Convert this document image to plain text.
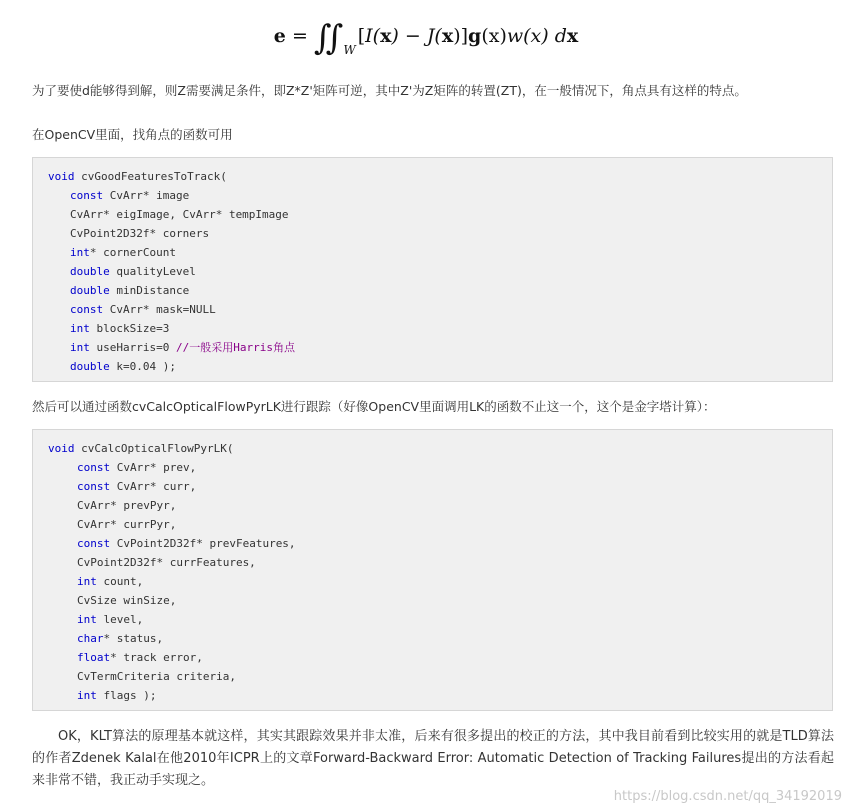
e = ∫∫ $_W$[I(x) − J(x)]g(x)w(x) dx
为了要使d能够得到解，则Z需要满足条件，即Z*Z'矩阵可逆，其中Z'为Z矩阵的转置(ZT)，在一般情况下，角点具有这样的特点。
在OpenCV里面，找角点的函数可用
void cvGoodFeaturesToTrack(
const CvArr* image
CvArr* eigImage, CvArr* tempImage
CvPoint2D32f* corners
int* cornerCount
double qualityLevel
double minDistance
const CvArr* mask=NULL
int blockSize=3
int useHarris=0 //一般采用Harris角点
double k=0.04 );
然后可以通过函数cvCalcOpticalFlowPyrLK进行跟踪（好像OpenCV里面调用LK的函数不止这一个，这个是金字塔计算）：
void cvCalcOpticalFlowPyrLK(
const CvArr* prev,
const CvArr* curr,
CvArr* prevPyr,
CvArr* currPyr,
const CvPoint2D32f* prevFeatures,
CvPoint2D32f* currFeatures,
int count,
CvSize winSize,
int level,
char* status,
float* track error,
CvTermCriteria criteria,
int flags );
OK，KLT算法的原理基本就这样，其实其跟踪效果并非太准，后来有很多提出的校正的方法，其中我目前看到比较实用的就是TLD算法的作者Zdenek Kalal在他2010年ICPR上的文章Forward-Backward Error: Automatic Detection of Tracking Failures提出的方法看起来非常不错，我正动手实现之。
https://blog.csdn.net/qq_34192019
